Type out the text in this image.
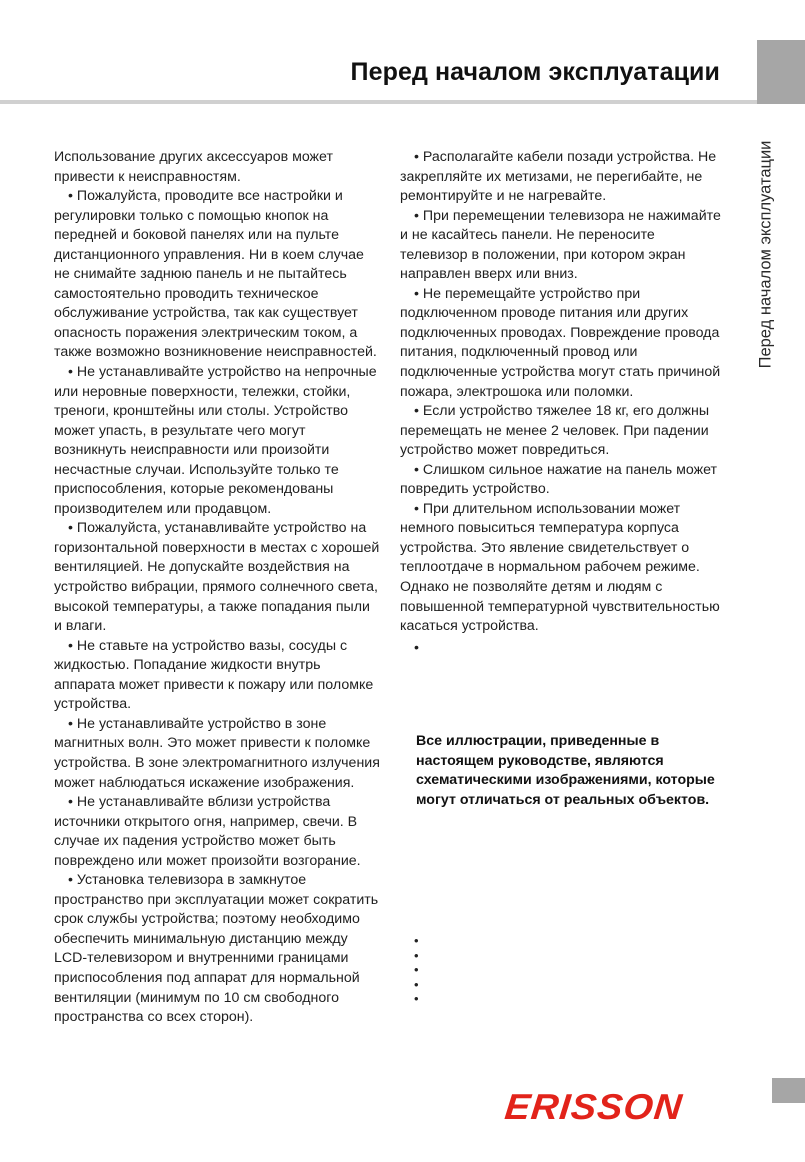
Перед началом эксплуатации
Перед началом эксплуатации

Использование других аксессуаров может привести к неисправностям.

• Пожалуйста, проводите все настройки и регулировки только с помощью кнопок на передней и боковой панелях или на пульте дистанционного управления. Ни в коем случае не снимайте заднюю панель и не пытайтесь самостоятельно проводить техническое обслуживание устройства, так как существует опасность поражения электрическим током, а также возможно возникновение неисправностей.

• Не устанавливайте устройство на непрочные или неровные поверхности, тележки, стойки, треноги, кронштейны или столы. Устройство может упасть, в результате чего могут возникнуть неисправности или произойти несчастные случаи. Используйте только те приспособления, которые рекомендованы производителем или продавцом.

• Пожалуйста, устанавливайте устройство на горизонтальной поверхности в местах с хорошей вентиляцией. Не допускайте воздействия на устройство вибрации, прямого солнечного света, высокой температуры, а также попадания пыли и влаги.

• Не ставьте на устройство вазы, сосуды с жидкостью. Попадание жидкости внутрь аппарата может привести к пожару или поломке устройства.

• Не устанавливайте устройство в зоне магнитных волн. Это может привести к поломке устройства. В зоне электромагнитного излучения может наблюдаться искажение изображения.

• Не устанавливайте вблизи устройства источники открытого огня, например, свечи. В случае их падения устройство может быть повреждено или может произойти возгорание.

• Установка телевизора в замкнутое пространство при эксплуатации может сократить срок службы устройства; поэтому необходимо обеспечить минимальную дистанцию между LCD-телевизором и внутренними границами приспособления под аппарат для нормальной вентиляции (минимум по 10 см свободного пространства со всех сторон).

• Располагайте кабели позади устройства. Не закрепляйте их метизами, не перегибайте, не ремонтируйте и не нагревайте.

• При перемещении телевизора не нажимайте и не касайтесь панели. Не переносите телевизор в положении, при котором экран направлен вверх или вниз.

• Не перемещайте устройство при подключенном проводе питания или других подключенных проводах. Повреждение провода питания, подключенный провод или подключенные устройства могут стать причиной пожара, электрошока или поломки.

• Если устройство тяжелее 18 кг, его должны перемещать не менее 2 человек. При падении устройство может повредиться.

• Слишком сильное нажатие на панель может повредить устройство.

• При длительном использовании может немного повыситься температура корпуса устройства. Это явление свидетельствует о теплоотдаче в нормальном рабочем режиме. Однако не позволяйте детям и людям с повышенной температурной чувствительностью касаться устройства.

•

Все иллюстрации, приведенные в настоящем руководстве, являются схематическими изображениями, которые могут отличаться от реальных объектов.
•
•
•
•
•
ERISSON
